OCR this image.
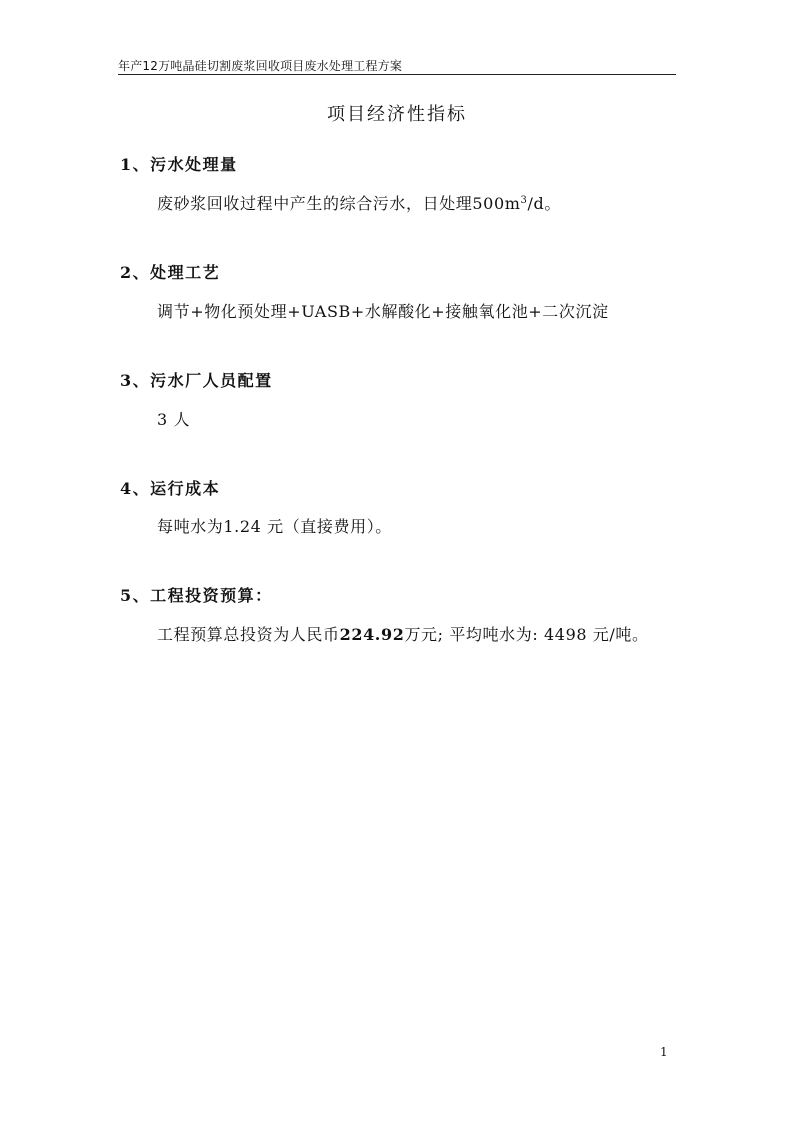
年产12万吨晶硅切割废浆回收项目废水处理工程方案
项目经济性指标
1、污水处理量
废砂浆回收过程中产生的综合污水，日处理$500m^3/d$。
2、处理工艺
调节+物化预处理+UASB+水解酸化+接触氧化池+二次沉淀
3、污水厂人员配置
3 人
4、运行成本
每吨水为1.24 元（直接费用）。
5、工程投资预算：
工程预算总投资为人民币224.92万元; 平均吨水为: 4498 元/吨。
1
